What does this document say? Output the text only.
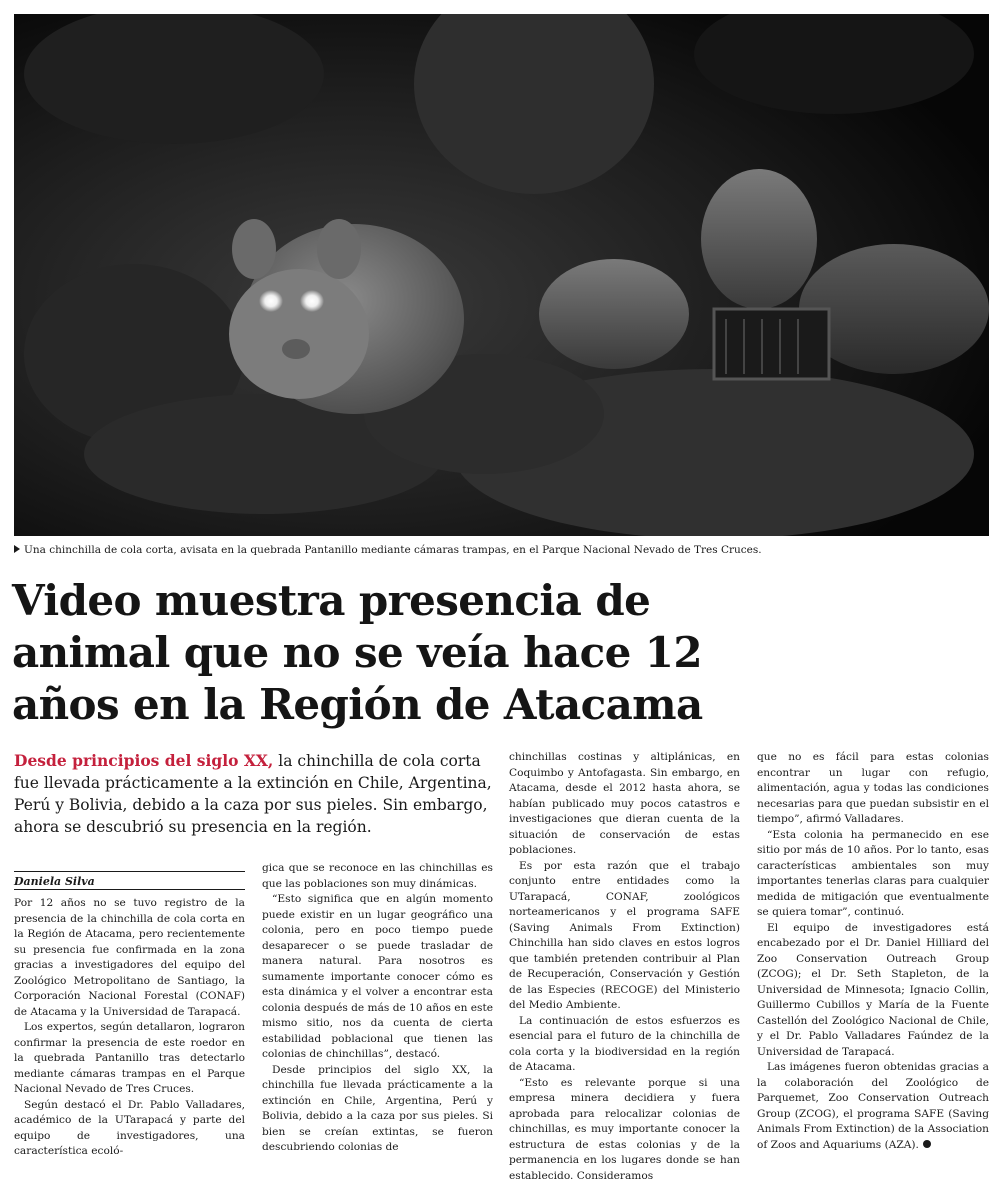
Una chinchilla de cola corta, avisata en la quebrada Pantanillo mediante cámaras trampas, en el Parque Nacional Nevado de Tres Cruces.
Video muestra presencia de
animal que no se veía hace 12
años en la Región de Atacama
Desde principios del siglo XX, la chinchilla de cola corta fue llevada prácticamente a la extinción en Chile, Argentina, Perú y Bolivia, debido a la caza por sus pieles. Sin embargo, ahora se descubrió su presencia en la región.
Daniela Silva

Por 12 años no se tuvo registro de la presencia de la chinchilla de cola corta en la Región de Atacama, pero recientemente su presencia fue confirmada en la zona gracias a investigadores del equipo del Zoológico Metropolitano de Santiago, la Corporación Nacional Forestal (CONAF) de Atacama y la Universidad de Tarapacá.

Los expertos, según detallaron, lograron confirmar la presencia de este roedor en la quebrada Pantanillo tras detectarlo mediante cámaras trampas en el Parque Nacional Nevado de Tres Cruces.

Según destacó el Dr. Pablo Valladares, académico de la UTarapacá y parte del equipo de investigadores, una característica ecoló-

gica que se reconoce en las chinchillas es que las poblaciones son muy dinámicas.

“Esto significa que en algún momento puede existir en un lugar geográfico una colonia, pero en poco tiempo puede desaparecer o se puede trasladar de manera natural. Para nosotros es sumamente importante conocer cómo es esta dinámica y el volver a encontrar esta colonia después de más de 10 años en este mismo sitio, nos da cuenta de cierta estabilidad poblacional que tienen las colonias de chinchillas”, destacó.

Desde principios del siglo XX, la chinchilla fue llevada prácticamente a la extinción en Chile, Argentina, Perú y Bolivia, debido a la caza por sus pieles. Si bien se creían extintas, se fueron descubriendo colonias de

chinchillas costinas y altiplánicas, en Coquimbo y Antofagasta. Sin embargo, en Atacama, desde el 2012 hasta ahora, se habían publicado muy pocos catastros e investigaciones que dieran cuenta de la situación de conservación de estas poblaciones.

Es por esta razón que el trabajo conjunto entre entidades como la UTarapacá, CONAF, zoológicos norteamericanos y el programa SAFE (Saving Animals From Extinction) Chinchilla han sido claves en estos logros que también pretenden contribuir al Plan de Recuperación, Conservación y Gestión de las Especies (RECOGE) del Ministerio del Medio Ambiente.

La continuación de estos esfuerzos es esencial para el futuro de la chinchilla de cola corta y la biodiversidad en la región de Atacama.

“Esto es relevante porque si una empresa minera decidiera y fuera aprobada para relocalizar colonias de chinchillas, es muy importante conocer la estructura de estas colonias y de la permanencia en los lugares donde se han establecido. Consideramos

que no es fácil para estas colonias encontrar un lugar con refugio, alimentación, agua y todas las condiciones necesarias para que puedan subsistir en el tiempo”, afirmó Valladares.

“Esta colonia ha permanecido en ese sitio por más de 10 años. Por lo tanto, esas características ambientales son muy importantes tenerlas claras para cualquier medida de mitigación que eventualmente se quiera tomar”, continuó.

El equipo de investigadores está encabezado por el Dr. Daniel Hilliard del Zoo Conservation Outreach Group (ZCOG); el Dr. Seth Stapleton, de la Universidad de Minnesota; Ignacio Collin, Guillermo Cubillos y María de la Fuente Castellón del Zoológico Nacional de Chile, y el Dr. Pablo Valladares Faúndez de la Universidad de Tarapacá.

Las imágenes fueron obtenidas gracias a la colaboración del Zoológico de Parquemet, Zoo Conservation Outreach Group (ZCOG), el programa SAFE (Saving Animals From Extinction) de la Association of Zoos and Aquariums (AZA).
